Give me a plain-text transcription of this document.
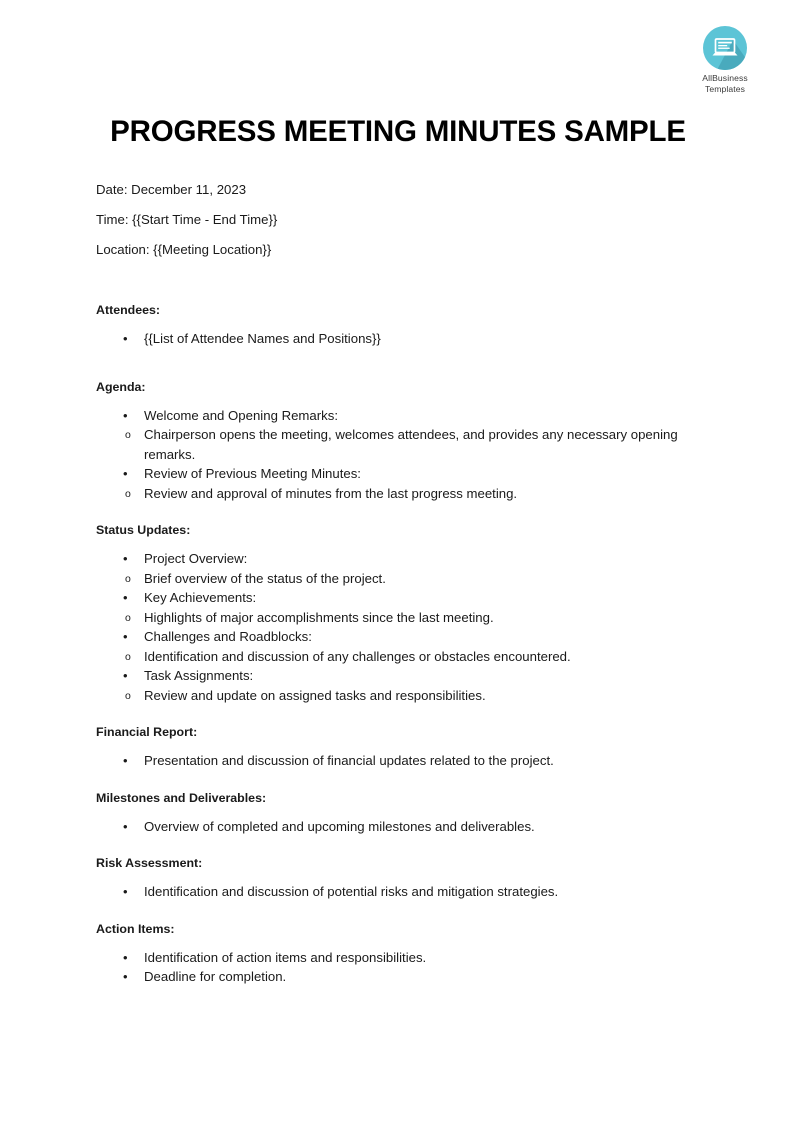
AllBusiness
Templates
PROGRESS MEETING MINUTES SAMPLE
Date: December 11, 2023
Time: {{Start Time - End Time}}
Location: {{Meeting Location}}
Attendees:
• {{List of Attendee Names and Positions}}
Agenda:
• Welcome and Opening Remarks:
o Chairperson opens the meeting, welcomes attendees, and provides any necessary opening remarks.
• Review of Previous Meeting Minutes:
o Review and approval of minutes from the last progress meeting.
Status Updates:
• Project Overview:
o Brief overview of the status of the project.
• Key Achievements:
o Highlights of major accomplishments since the last meeting.
• Challenges and Roadblocks:
o Identification and discussion of any challenges or obstacles encountered.
• Task Assignments:
o Review and update on assigned tasks and responsibilities.
Financial Report:
• Presentation and discussion of financial updates related to the project.
Milestones and Deliverables:
• Overview of completed and upcoming milestones and deliverables.
Risk Assessment:
• Identification and discussion of potential risks and mitigation strategies.
Action Items:
• Identification of action items and responsibilities.
• Deadline for completion.
